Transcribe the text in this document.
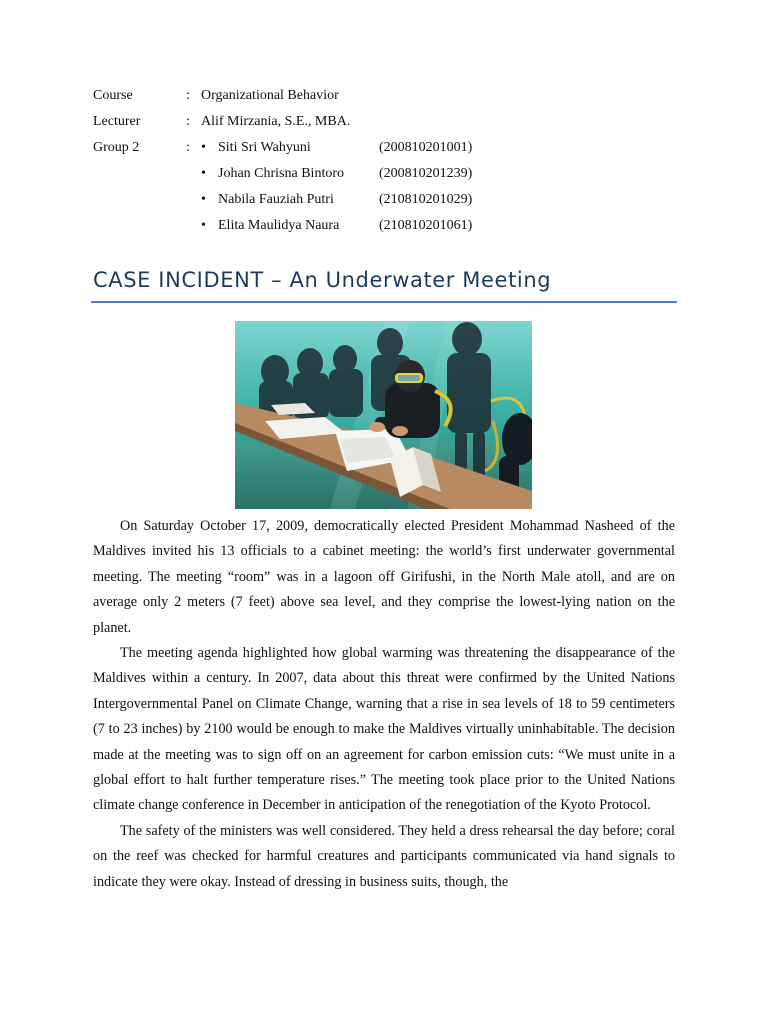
Course	: Organizational Behavior
Lecturer	: Alif Mirzania, S.E., MBA.
Group 2	: • Siti Sri Wahyuni	(200810201001)
• Johan Chrisna Bintoro	(200810201239)
• Nabila Fauziah Putri	(210810201029)
• Elita Maulidya Naura	(210810201061)
CASE INCIDENT – An Underwater Meeting

On Saturday October 17, 2009, democratically elected President Mohammad Nasheed of the Maldives invited his 13 officials to a cabinet meeting: the world’s first underwater governmental meeting. The meeting “room” was in a lagoon off Girifushi, in the North Male atoll, and are on average only 2 meters (7 feet) above sea level, and they comprise the lowest-lying nation on the planet.

The meeting agenda highlighted how global warming was threatening the disappearance of the Maldives within a century. In 2007, data about this threat were confirmed by the United Nations Intergovernmental Panel on Climate Change, warning that a rise in sea levels of 18 to 59 centimeters (7 to 23 inches) by 2100 would be enough to make the Maldives virtually uninhabitable. The decision made at the meeting was to sign off on an agreement for carbon emission cuts: “We must unite in a global effort to halt further temperature rises.” The meeting took place prior to the United Nations climate change conference in December in anticipation of the renegotiation of the Kyoto Protocol.

The safety of the ministers was well considered. They held a dress rehearsal the day before; coral on the reef was checked for harmful creatures and participants communicated via hand signals to indicate they were okay. Instead of dressing in business suits, though, the
